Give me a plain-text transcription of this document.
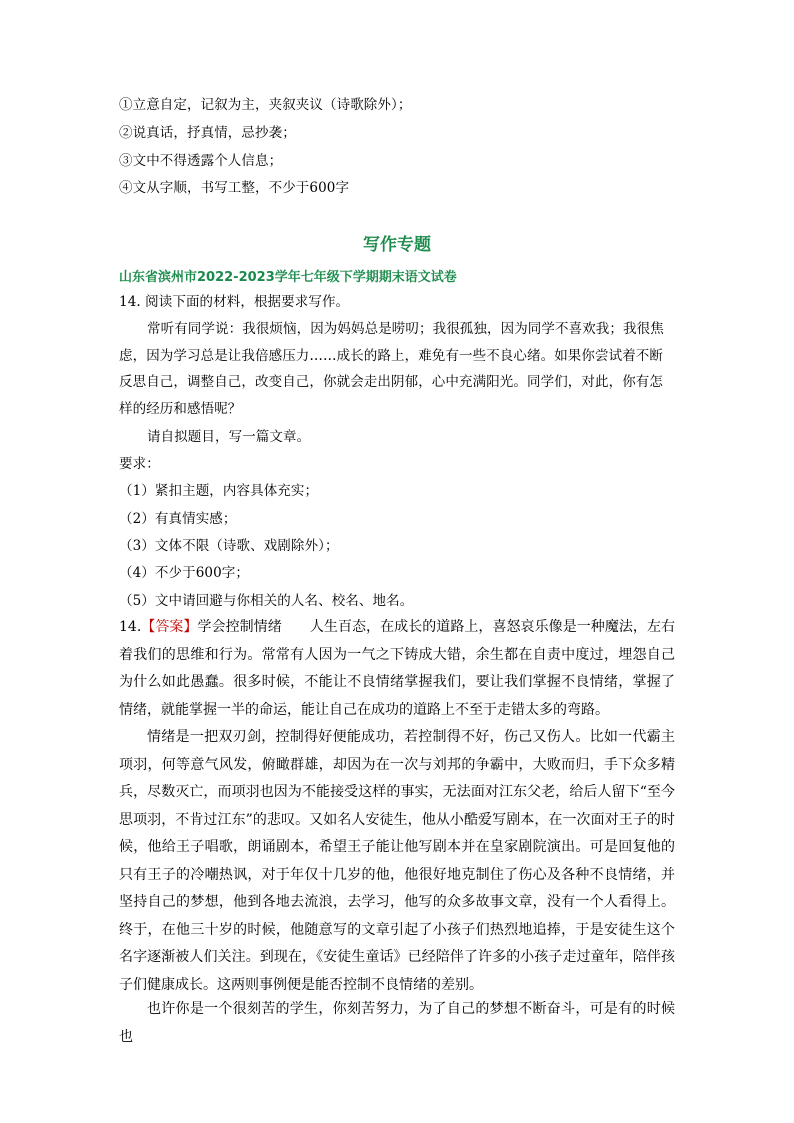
①立意自定，记叙为主，夹叙夹议（诗歌除外）；
②说真话，抒真情，忌抄袭；
③文中不得透露个人信息；
④文从字顺，书写工整，不少于600字
写作专题
山东省滨州市2022-2023学年七年级下学期期末语文试卷
14. 阅读下面的材料，根据要求写作。
常听有同学说：我很烦恼，因为妈妈总是唠叨；我很孤独，因为同学不喜欢我；我很焦
虑，因为学习总是让我倍感压力……成长的路上，难免有一些不良心绪。如果你尝试着不断
反思自己，调整自己，改变自己，你就会走出阴郁，心中充满阳光。同学们，对此，你有怎
样的经历和感悟呢？
请自拟题目，写一篇文章。
要求：
（1）紧扣主题，内容具体充实；
（2）有真情实感；
（3）文体不限（诗歌、戏剧除外）；
（4）不少于600字；
（5）文中请回避与你相关的人名、校名、地名。
14.【答案】学会控制情绪　　 人生百态，在成长的道路上，喜怒哀乐像是一种魔法，左右着我们的思维和行为。常常有人因为一气之下铸成大错，余生都在自责中度过，埋怨自己为什么如此愚蠢。很多时候，不能让不良情绪掌握我们，要让我们掌握不良情绪，掌握了情绪，就能掌握一半的命运，能让自己在成功的道路上不至于走错太多的弯路。
情绪是一把双刃剑，控制得好便能成功，若控制得不好，伤己又伤人。比如一代霸主项羽，何等意气风发，俯瞰群雄，却因为在一次与刘邦的争霸中，大败而归，手下众多精兵，尽数灭亡，而项羽也因为不能接受这样的事实，无法面对江东父老，给后人留下“至今思项羽，不肯过江东”的悲叹。又如名人安徒生，他从小酷爱写剧本，在一次面对王子的时候，他给王子唱歌，朗诵剧本，希望王子能让他写剧本并在皇家剧院演出。可是回复他的只有王子的冷嘲热讽，对于年仅十几岁的他，他很好地克制住了伤心及各种不良情绪，并坚持自己的梦想，他到各地去流浪，去学习，他写的众多故事文章，没有一个人看得上。终于，在他三十岁的时候，他随意写的文章引起了小孩子们热烈地追捧，于是安徒生这个名字逐渐被人们关注。到现在，《安徒生童话》已经陪伴了许多的小孩子走过童年，陪伴孩子们健康成长。这两则事例便是能否控制不良情绪的差别。
也许你是一个很刻苦的学生，你刻苦努力，为了自己的梦想不断奋斗，可是有的时候也
